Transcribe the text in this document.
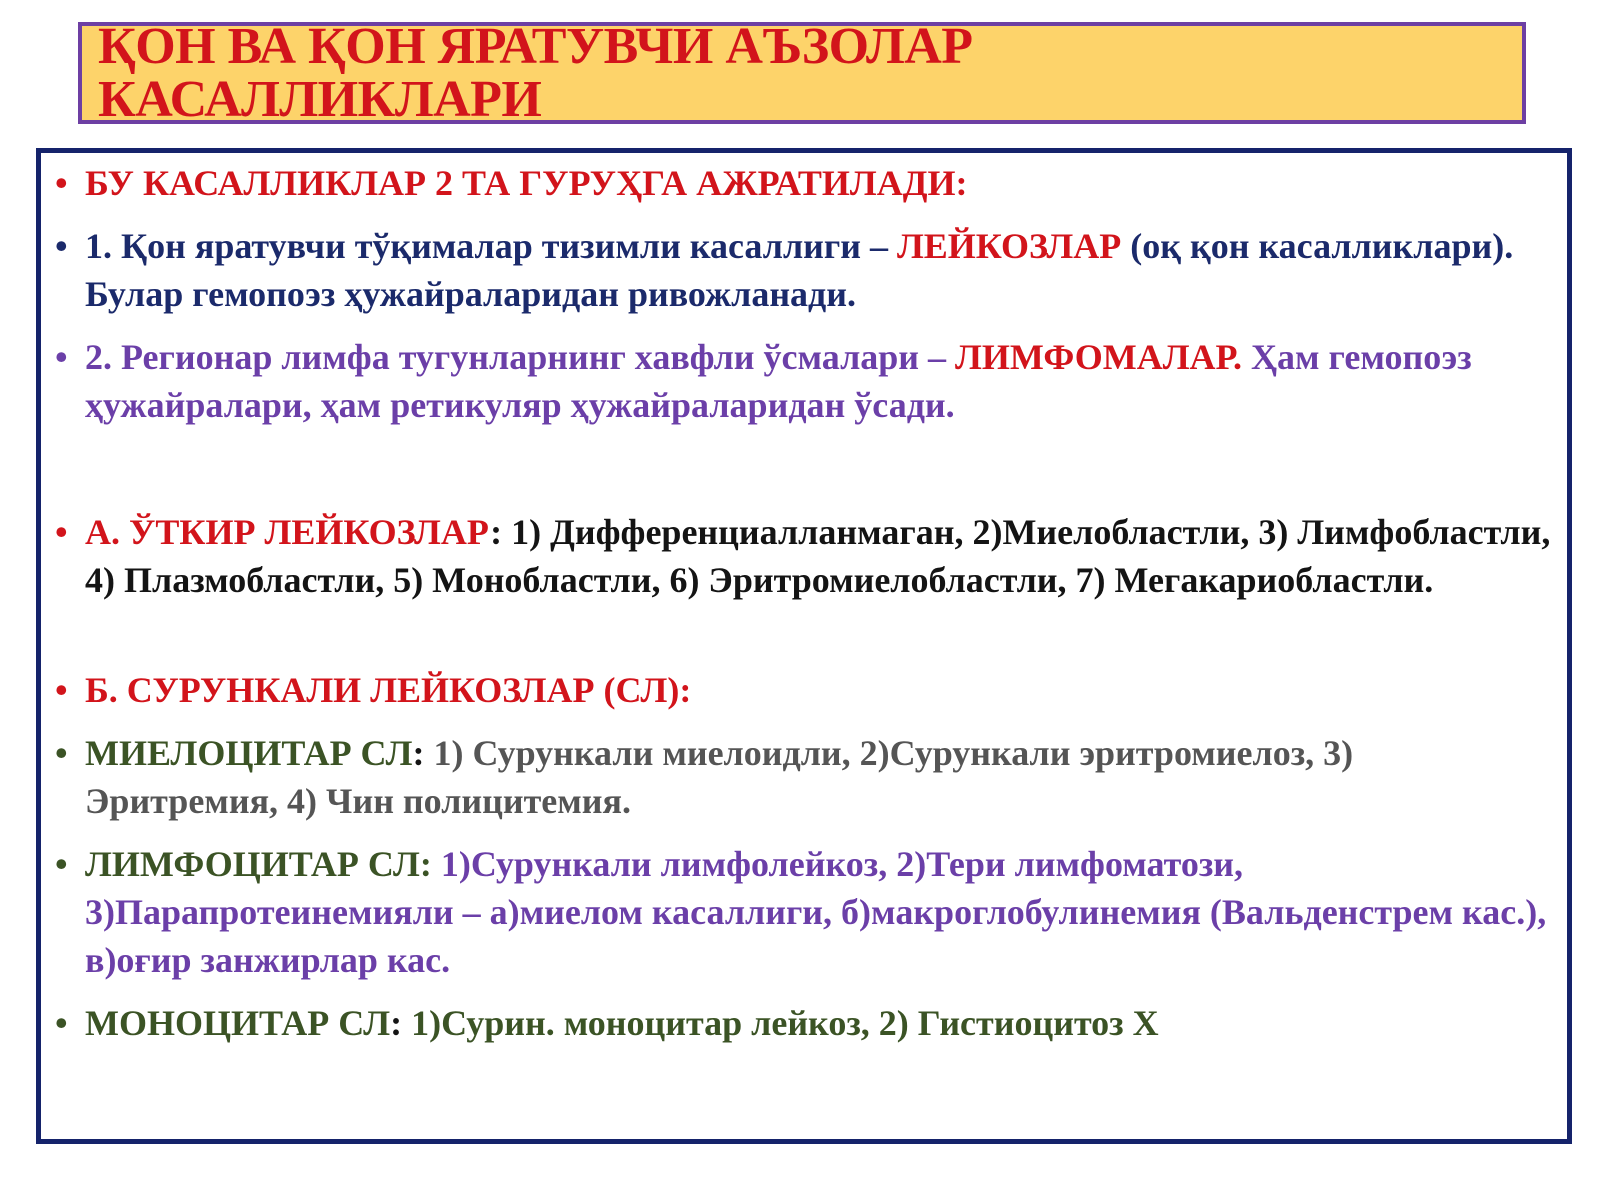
ҚОН ВА ҚОН ЯРАТУВЧИ АЪЗОЛАР
КАСАЛЛИКЛАРИ
• БУ КАСАЛЛИКЛАР 2 ТА ГУРУҲГА АЖРАТИЛАДИ:
• 1. Қон яратувчи тўқималар тизимли касаллиги – ЛЕЙКОЗЛАР (оқ қон касалликлари). Булар гемопоэз ҳужайраларидан ривожланади.
• 2. Регионар лимфа тугунларнинг хавфли ўсмалари – ЛИМФОМАЛАР. Ҳам гемопоэз ҳужайралари, ҳам ретикуляр ҳужайраларидан ўсади.
• А. ЎТКИР ЛЕЙКОЗЛАР: 1) Дифференциалланмаган, 2)Миелобластли, 3) Лимфобластли, 4) Плазмобластли, 5) Монобластли, 6) Эритромиелобластли, 7) Мегакариобластли.
• Б. СУРУНКАЛИ ЛЕЙКОЗЛАР (СЛ):
• МИЕЛОЦИТАР СЛ: 1) Сурункали миелоидли, 2)Сурункали эритромиелоз, 3) Эритремия, 4) Чин полицитемия.
• ЛИМФОЦИТАР СЛ: 1)Сурункали лимфолейкоз, 2)Тери лимфоматози, 3)Парапротеинемияли – а)миелом касаллиги, б)макроглобулинемия (Вальденстрем кас.), в)оғир занжирлар кас.
• МОНОЦИТАР СЛ: 1)Сурин. моноцитар лейкоз, 2) Гистиоцитоз Х
